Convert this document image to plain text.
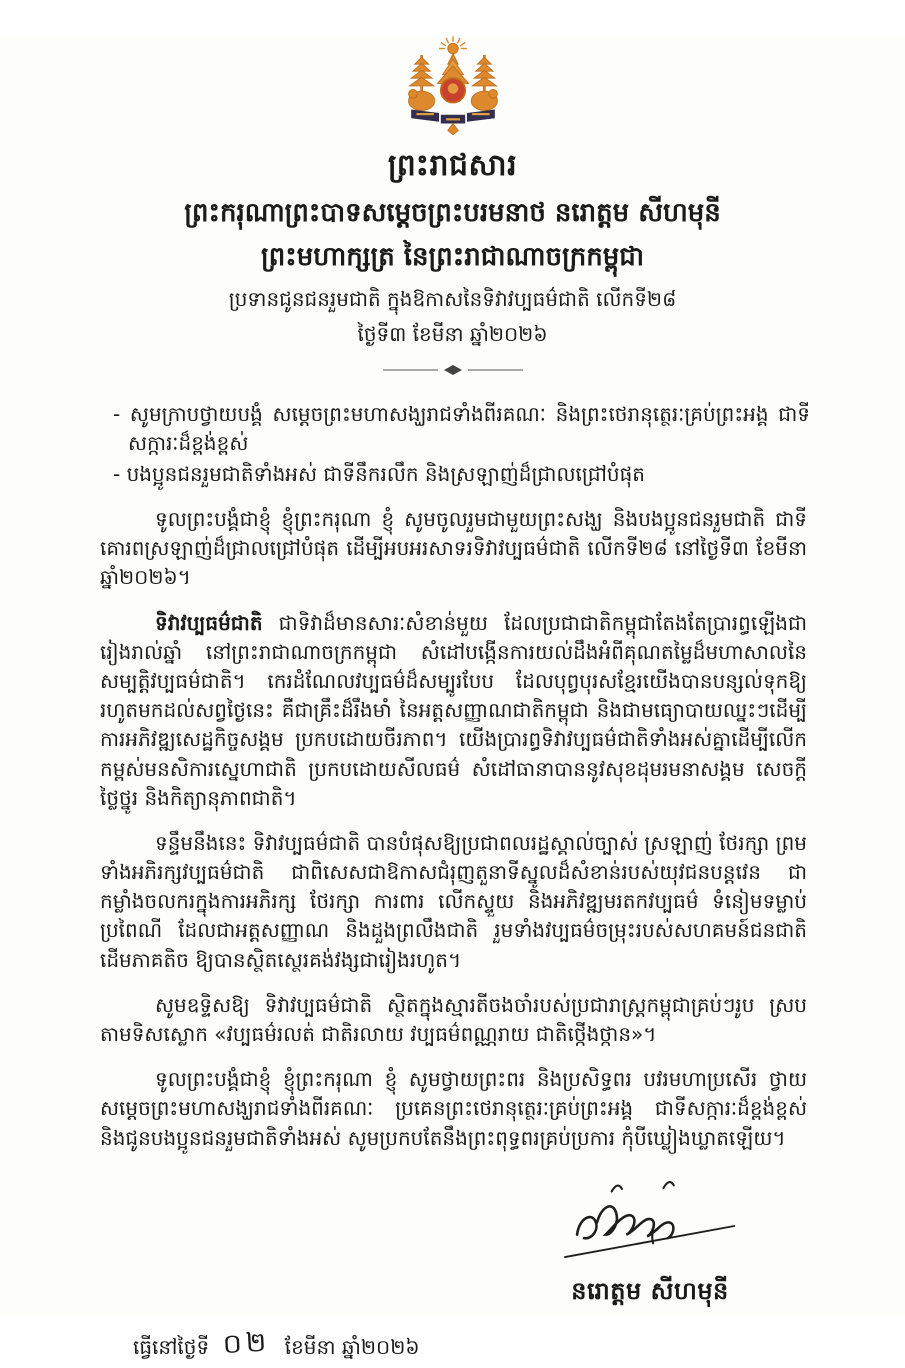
ព្រះរាជសារ
ព្រះករុណាព្រះបាទសម្ដេចព្រះបរមនាថ នរោត្តម សីហមុនី
ព្រះមហាក្សត្រ នៃព្រះរាជាណាចក្រកម្ពុជា
ប្រទានជូនជនរួមជាតិ ក្នុងឱកាសនៃទិវាវប្បធម៌ជាតិ លើកទី២៨
ថ្ងៃទី៣ ខែមីនា ឆ្នាំ២០២៦
- សូមក្រាបថ្វាយបង្គំ សម្ដេចព្រះមហាសង្ឃរាជទាំងពីរគណៈ និងព្រះថេរានុត្ថេរៈគ្រប់ព្រះអង្គ ជាទីសក្ការៈដ៏ខ្ពង់ខ្ពស់
- បងប្អូនជនរួមជាតិទាំងអស់ ជាទីនឹករលឹក និងស្រឡាញ់ដ៏ជ្រាលជ្រៅបំផុត

ទូលព្រះបង្គំជាខ្ញុំ ខ្ញុំព្រះករុណា ខ្ញុំ សូមចូលរួមជាមួយព្រះសង្ឃ និងបងប្អូនជនរួមជាតិ ជាទីគោរពស្រឡាញ់ដ៏ជ្រាលជ្រៅបំផុត ដើម្បីអបអរសាទរទិវាវប្បធម៌ជាតិ លើកទី២៨ នៅថ្ងៃទី៣ ខែមីនា ឆ្នាំ២០២៦។

ទិវាវប្បធម៌ជាតិ ជាទិវាដ៏មានសារៈសំខាន់មួយ ដែលប្រជាជាតិកម្ពុជាតែងតែប្រារព្ធឡើងជារៀងរាល់ឆ្នាំ នៅព្រះរាជាណាចក្រកម្ពុជា សំដៅបង្កើនការយល់ដឹងអំពីគុណតម្លៃដ៏មហាសាលនៃសម្បត្តិវប្បធម៌ជាតិ។ កេរដំណែលវប្បធម៌ដ៏សម្បូរបែប ដែលបុព្វបុរសខ្មែរយើងបានបន្សល់ទុកឱ្យរហូតមកដល់សព្វថ្ងៃនេះ គឺជាគ្រឹះដ៏រឹងមាំ នៃអត្តសញ្ញាណជាតិកម្ពុជា និងជាមធ្យោបាយឈ្នះៗដើម្បីការអភិវឌ្ឍសេដ្ឋកិច្ចសង្គម ប្រកបដោយចីរភាព។ យើងប្រារព្ធទិវាវប្បធម៌ជាតិទាំងអស់គ្នាដើម្បីលើកកម្ពស់មនសិការស្នេហាជាតិ ប្រកបដោយសីលធម៌ សំដៅធានាបាននូវសុខដុមរមនាសង្គម សេចក្ដីថ្លៃថ្នូរ និងកិត្យានុភាពជាតិ។

ទន្ទឹមនឹងនេះ ទិវាវប្បធម៌ជាតិ បានបំផុសឱ្យប្រជាពលរដ្ឋស្គាល់ច្បាស់ ស្រឡាញ់ ថែរក្សា ព្រមទាំងអភិរក្សវប្បធម៌ជាតិ ជាពិសេសជាឱកាសជំរុញតួនាទីស្នូលដ៏សំខាន់របស់យុវជនបន្តវេន ជាកម្លាំងចលករក្នុងការអភិរក្ស ថែរក្សា ការពារ លើកស្ទួយ និងអភិវឌ្ឍមរតកវប្បធម៌ ទំនៀមទម្លាប់ ប្រពៃណី ដែលជាអត្តសញ្ញាណ និងដួងព្រលឹងជាតិ រួមទាំងវប្បធម៌ចម្រុះរបស់សហគមន៍ជនជាតិដើមភាគតិច ឱ្យបានស្ថិតស្ថេរគង់វង្សជារៀងរហូត។

សូមឧទ្ទិសឱ្យ ទិវាវប្បធម៌ជាតិ ស្ថិតក្នុងស្មារតីចងចាំរបស់ប្រជារាស្ត្រកម្ពុជាគ្រប់ៗរូប ស្របតាមទិសស្លោក «វប្បធម៌រលត់ ជាតិរលាយ វប្បធម៌ពណ្ណរាយ ជាតិថ្កើងថ្កាន»។

ទូលព្រះបង្គំជាខ្ញុំ ខ្ញុំព្រះករុណា ខ្ញុំ សូមថ្វាយព្រះពរ និងប្រសិទ្ធពរ បវរមហាប្រសើរ ថ្វាយ សម្ដេចព្រះមហាសង្ឃរាជទាំងពីរគណៈ ប្រគេនព្រះថេរានុត្ថេរៈគ្រប់ព្រះអង្គ ជាទីសក្ការៈដ៏ខ្ពង់ខ្ពស់ និងជូនបងប្អូនជនរួមជាតិទាំងអស់ សូមប្រកបតែនឹងព្រះពុទ្ធពរគ្រប់ប្រការ កុំបីឃ្លៀងឃ្លាតឡើយ។

នរោត្តម សីហមុនី
ធ្វើនៅថ្ងៃទី ០២ ខែមីនា ឆ្នាំ២០២៦
